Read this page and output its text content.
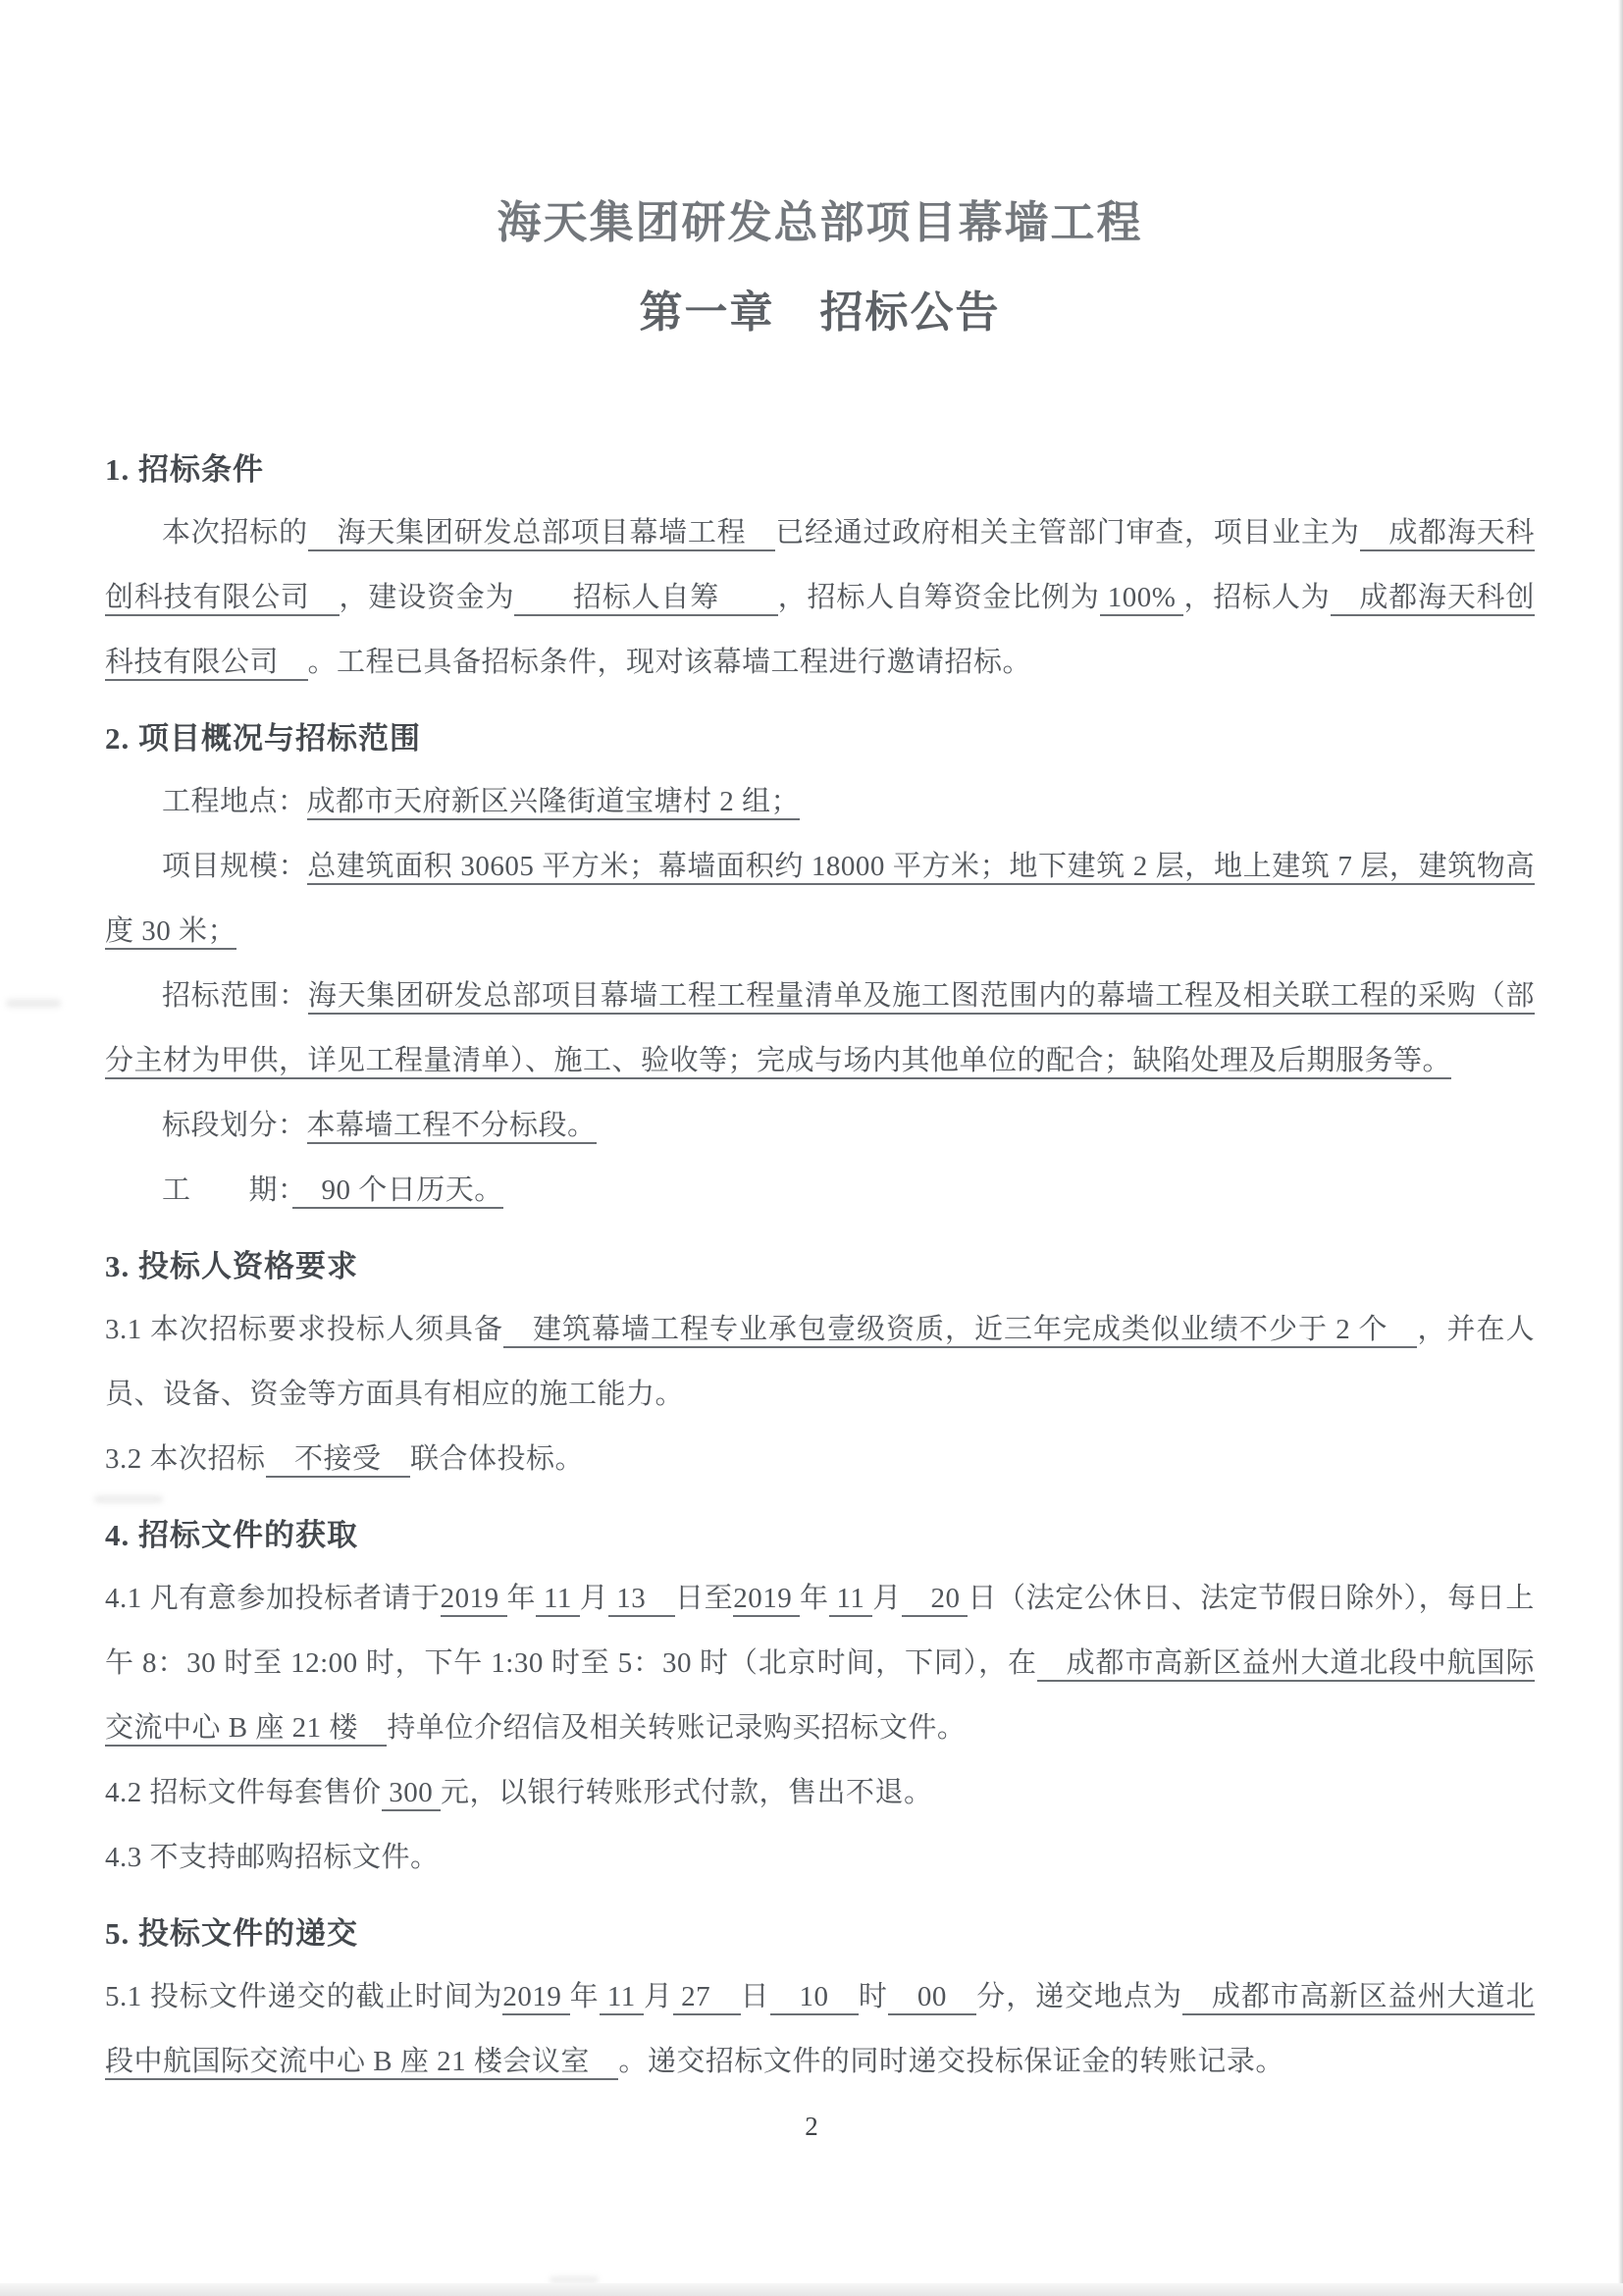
海天集团研发总部项目幕墙工程
第一章　招标公告
1. 招标条件

本次招标的　海天集团研发总部项目幕墙工程　已经通过政府相关主管部门审查，项目业主为　成都海天科创科技有限公司　，建设资金为　　招标人自筹　　，招标人自筹资金比例为 100% ，招标人为　成都海天科创科技有限公司　。工程已具备招标条件，现对该幕墙工程进行邀请招标。

2. 项目概况与招标范围

工程地点：成都市天府新区兴隆街道宝塘村 2 组；

项目规模：总建筑面积 30605 平方米；幕墙面积约 18000 平方米；地下建筑 2 层，地上建筑 7 层，建筑物高度 30 米；

招标范围：海天集团研发总部项目幕墙工程工程量清单及施工图范围内的幕墙工程及相关联工程的采购（部分主材为甲供，详见工程量清单）、施工、验收等；完成与场内其他单位的配合；缺陷处理及后期服务等。

标段划分：本幕墙工程不分标段。

工　　期：　90 个日历天。

3. 投标人资格要求

3.1 本次招标要求投标人须具备　建筑幕墙工程专业承包壹级资质，近三年完成类似业绩不少于 2 个　，并在人员、设备、资金等方面具有相应的施工能力。

3.2 本次招标　不接受　联合体投标。

4. 招标文件的获取

4.1 凡有意参加投标者请于2019 年 11 月 13　日至2019 年 11 月　20 日（法定公休日、法定节假日除外），每日上午 8：30 时至 12:00 时，下午 1:30 时至 5：30 时（北京时间，下同），在　成都市高新区益州大道北段中航国际交流中心 B 座 21 楼　持单位介绍信及相关转账记录购买招标文件。

4.2 招标文件每套售价 300 元，以银行转账形式付款，售出不退。

4.3 不支持邮购招标文件。

5. 投标文件的递交

5.1 投标文件递交的截止时间为2019 年 11 月 27　日　10　时　00　分，递交地点为　成都市高新区益州大道北段中航国际交流中心 B 座 21 楼会议室　。递交招标文件的同时递交投标保证金的转账记录。

2
